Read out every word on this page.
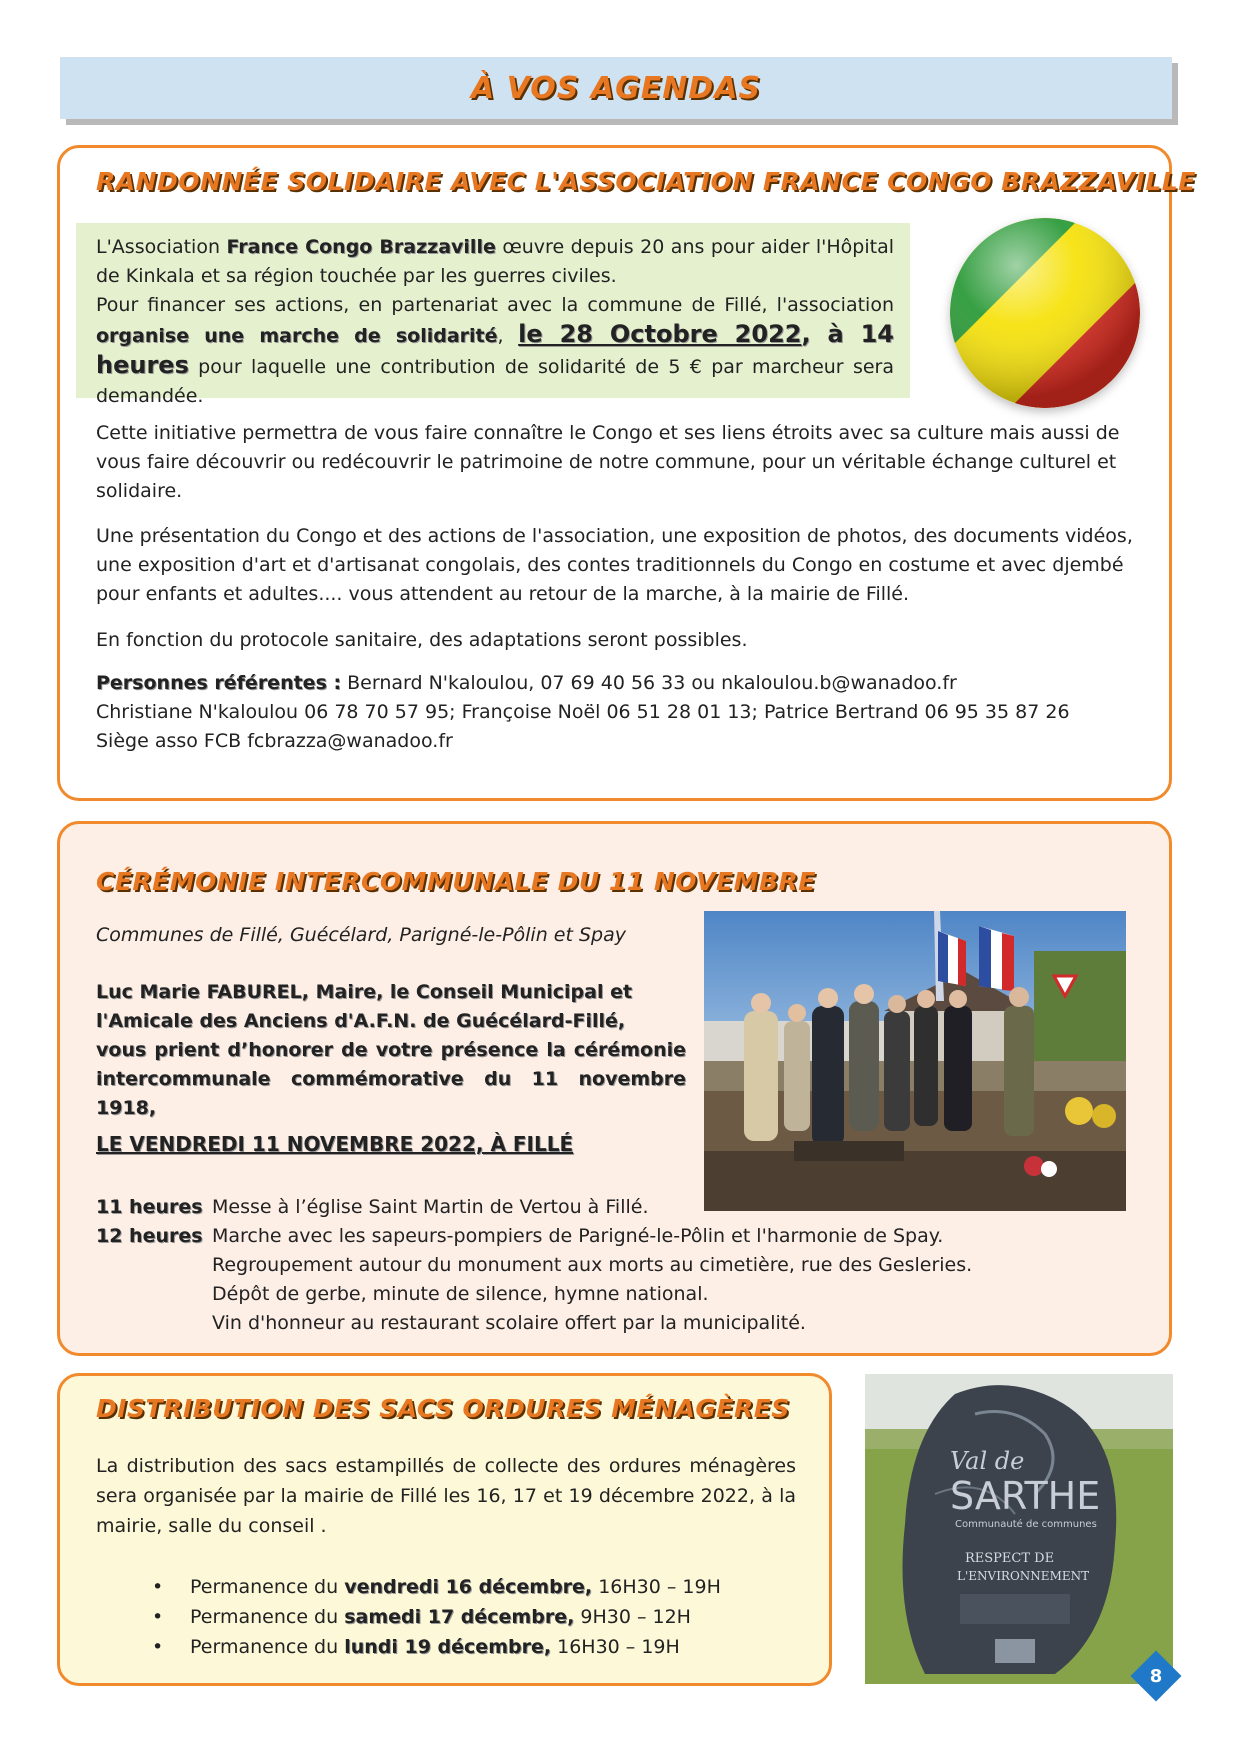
À VOS AGENDAS
RANDONNÉE SOLIDAIRE AVEC L'ASSOCIATION FRANCE CONGO BRAZZAVILLE
L'Association France Congo Brazzaville œuvre depuis 20 ans pour aider l'Hôpital de Kinkala et sa région touchée par les guerres civiles.
Pour financer ses actions, en partenariat avec la commune de Fillé, l'association organise une marche de solidarité, le 28 Octobre 2022, à 14 heures pour laquelle une contribution de solidarité de 5 € par marcheur sera demandée.
Cette initiative permettra de vous faire connaître le Congo et ses liens étroits avec sa culture mais aussi de vous faire découvrir ou redécouvrir le patrimoine de notre commune, pour un véritable échange culturel et solidaire.
Une présentation du Congo et des actions de l'association, une exposition de photos, des documents vidéos, une exposition d'art et d'artisanat congolais, des contes traditionnels du Congo en costume et avec djembé pour enfants et adultes.... vous attendent au retour de la marche, à la mairie de Fillé.
En fonction du protocole sanitaire, des adaptations seront possibles.
Personnes référentes : Bernard N'kaloulou, 07 69 40 56 33 ou nkaloulou.b@wanadoo.fr
Christiane N'kaloulou 06 78 70 57 95; Françoise Noël 06 51 28 01 13; Patrice Bertrand 06 95 35 87 26
Siège asso FCB fcbrazza@wanadoo.fr
CÉRÉMONIE INTERCOMMUNALE DU 11 NOVEMBRE
Communes de Fillé, Guécélard, Parigné-le-Pôlin et Spay
Luc Marie FABUREL, Maire, le Conseil Municipal et
l'Amicale des Anciens d'A.F.N. de Guécélard-Fillé,
vous prient d’honorer de votre présence la cérémonie intercommunale commémorative du 11 novembre 1918,
LE VENDREDI 11 NOVEMBRE 2022, À FILLÉ
11 heures Messe à l’église Saint Martin de Vertou à Fillé.
12 heures Marche avec les sapeurs-pompiers de Parigné-le-Pôlin et l'harmonie de Spay.
Regroupement autour du monument aux morts au cimetière, rue des Gesleries.
Dépôt de gerbe, minute de silence, hymne national.
Vin d'honneur au restaurant scolaire offert par la municipalité.
DISTRIBUTION DES SACS ORDURES MÉNAGÈRES
La distribution des sacs estampillés de collecte des ordures ménagères sera organisée par la mairie de Fillé les 16, 17 et 19 décembre 2022, à la mairie, salle du conseil .
• Permanence du vendredi 16 décembre, 16H30 – 19H
• Permanence du samedi 17 décembre, 9H30 – 12H
• Permanence du lundi 19 décembre, 16H30 – 19H
Val de
SARTHE
Communauté de communes
RESPECT DE
L'ENVIRONNEMENT
8
